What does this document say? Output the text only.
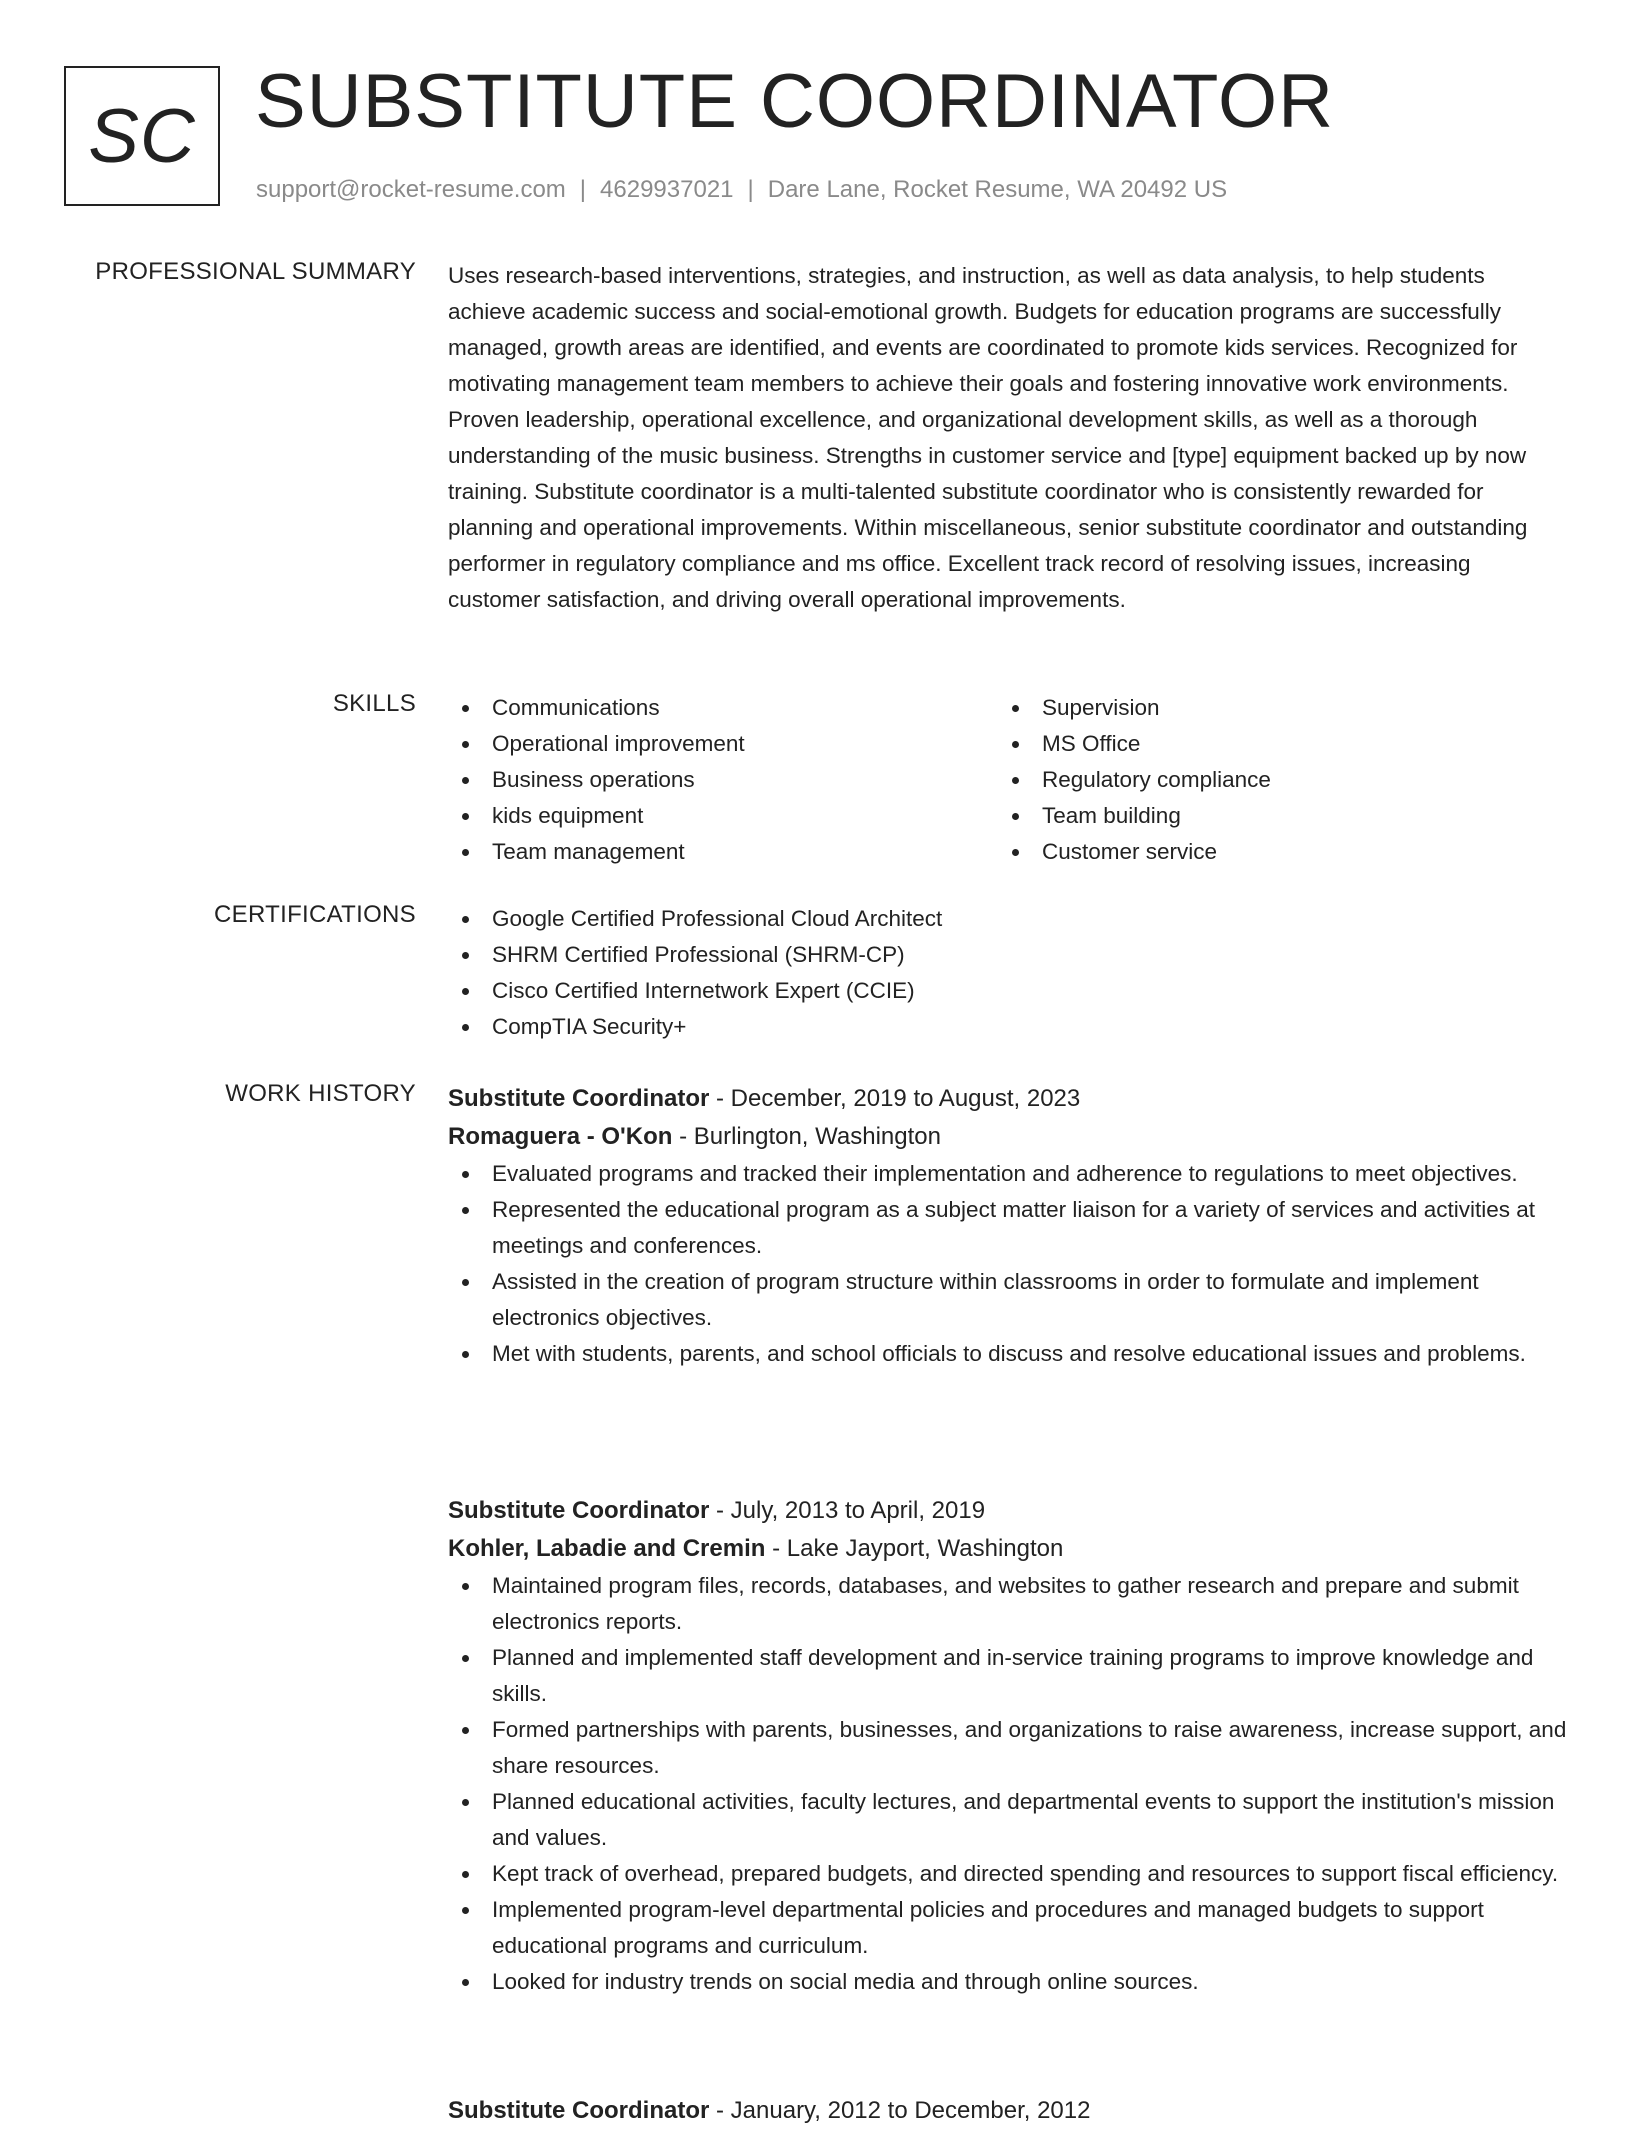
SC SUBSTITUTE COORDINATOR
support@rocket-resume.com | 4629937021 | Dare Lane, Rocket Resume, WA 20492 US
PROFESSIONAL SUMMARY Uses research-based interventions, strategies, and instruction, as well as data analysis, to help students achieve academic success and social-emotional growth. Budgets for education programs are successfully managed, growth areas are identified, and events are coordinated to promote kids services. Recognized for motivating management team members to achieve their goals and fostering innovative work environments. Proven leadership, operational excellence, and organizational development skills, as well as a thorough understanding of the music business. Strengths in customer service and [type] equipment backed up by now training. Substitute coordinator is a multi-talented substitute coordinator who is consistently rewarded for planning and operational improvements. Within miscellaneous, senior substitute coordinator and outstanding performer in regulatory compliance and ms office. Excellent track record of resolving issues, increasing customer satisfaction, and driving overall operational improvements.

SKILLS	Communications
Operational improvement
Business operations
kids equipment
Team management
Supervision
MS Office
Regulatory compliance
Team building
Customer service
CERTIFICATIONS	Google Certified Professional Cloud Architect
SHRM Certified Professional (SHRM-CP)
Cisco Certified Internetwork Expert (CCIE)
CompTIA Security+
WORK HISTORY Substitute Coordinator - December, 2019 to August, 2023
Romaguera - O'Kon - Burlington, Washington
Evaluated programs and tracked their implementation and adherence to regulations to meet objectives.
Represented the educational program as a subject matter liaison for a variety of services and activities at meetings and conferences.
Assisted in the creation of program structure within classrooms in order to formulate and implement electronics objectives.
Met with students, parents, and school officials to discuss and resolve educational issues and problems.
Substitute Coordinator - July, 2013 to April, 2019
Kohler, Labadie and Cremin - Lake Jayport, Washington
Maintained program files, records, databases, and websites to gather research and prepare and submit electronics reports.
Planned and implemented staff development and in-service training programs to improve knowledge and skills.
Formed partnerships with parents, businesses, and organizations to raise awareness, increase support, and share resources.
Planned educational activities, faculty lectures, and departmental events to support the institution's mission and values.
Kept track of overhead, prepared budgets, and directed spending and resources to support fiscal efficiency.
Implemented program-level departmental policies and procedures and managed budgets to support educational programs and curriculum.
Looked for industry trends on social media and through online sources.
Substitute Coordinator - January, 2012 to December, 2012
